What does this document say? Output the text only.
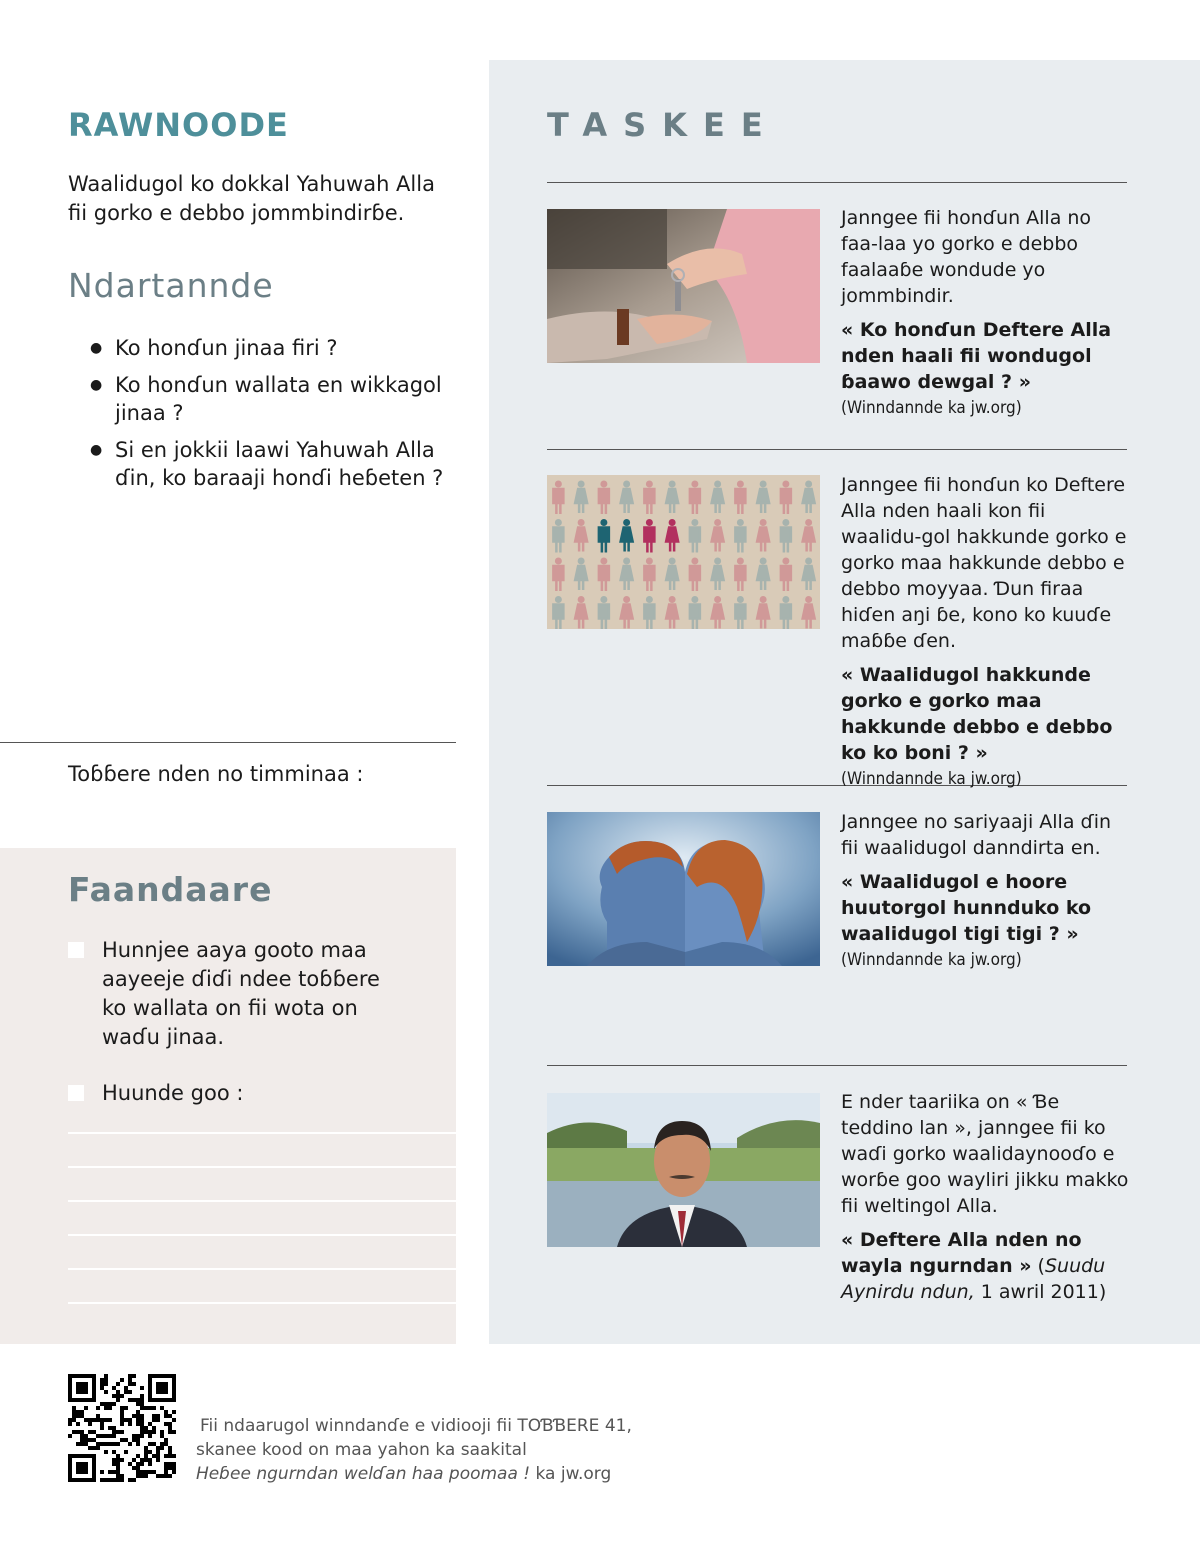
RAWNOODE
Waalidugol ko dokkal Yahuwah Alla fii gorko e debbo jommbindirɓe.
Ndartannde
● Ko honɗun jinaa firi ?
● Ko honɗun wallata en wikkagol jinaa ?
● Si en jokkii laawi Yahuwah Alla ɗin, ko baraaji honɗi heɓeten ?
Toɓɓere nden no timminaa :
Faandaare
Hunnjee aaya gooto maa aayeeje ɗiɗi ndee toɓɓere ko wallata on fii wota on waɗu jinaa.
Huunde goo :
TASKEE

Janngee fii honɗun Alla no faa-laa yo gorko e debbo faalaaɓe wondude yo jommbindir.

« Ko honɗun Deftere Alla nden haali fii wondugol ɓaawo dewgal ? »

(Winndannde ka jw.org)

Janngee fii honɗun ko Deftere Alla nden haali kon fii waalidu-gol hakkunde gorko e gorko maa hakkunde debbo e debbo moyyaa. Ɗun firaa hiɗen aŋi ɓe, kono ko kuuɗe maɓɓe ɗen.

« Waalidugol hakkunde gorko e gorko maa hakkunde debbo e debbo ko ko boni ? »

(Winndannde ka jw.org)

Janngee no sariyaaji Alla ɗin fii waalidugol danndirta en.

« Waalidugol e hoore huutorgol hunnduko ko waalidugol tigi tigi ? »

(Winndannde ka jw.org)

E nder taariika on « Ɓe teddino lan », janngee fii ko waɗi gorko waalidaynooɗo e worɓe goo wayliri jikku makko fii weltingol Alla.

« Deftere Alla nden no wayla ngurndan » (Suudu Aynirdu ndun, 1 awril 2011)

Fii ndaarugol winndanɗe e vidiooji fii TOƁƁERE 41,
skanee kood on maa yahon ka saakital
Heɓee ngurndan welɗan haa poomaa ! ka jw.org
